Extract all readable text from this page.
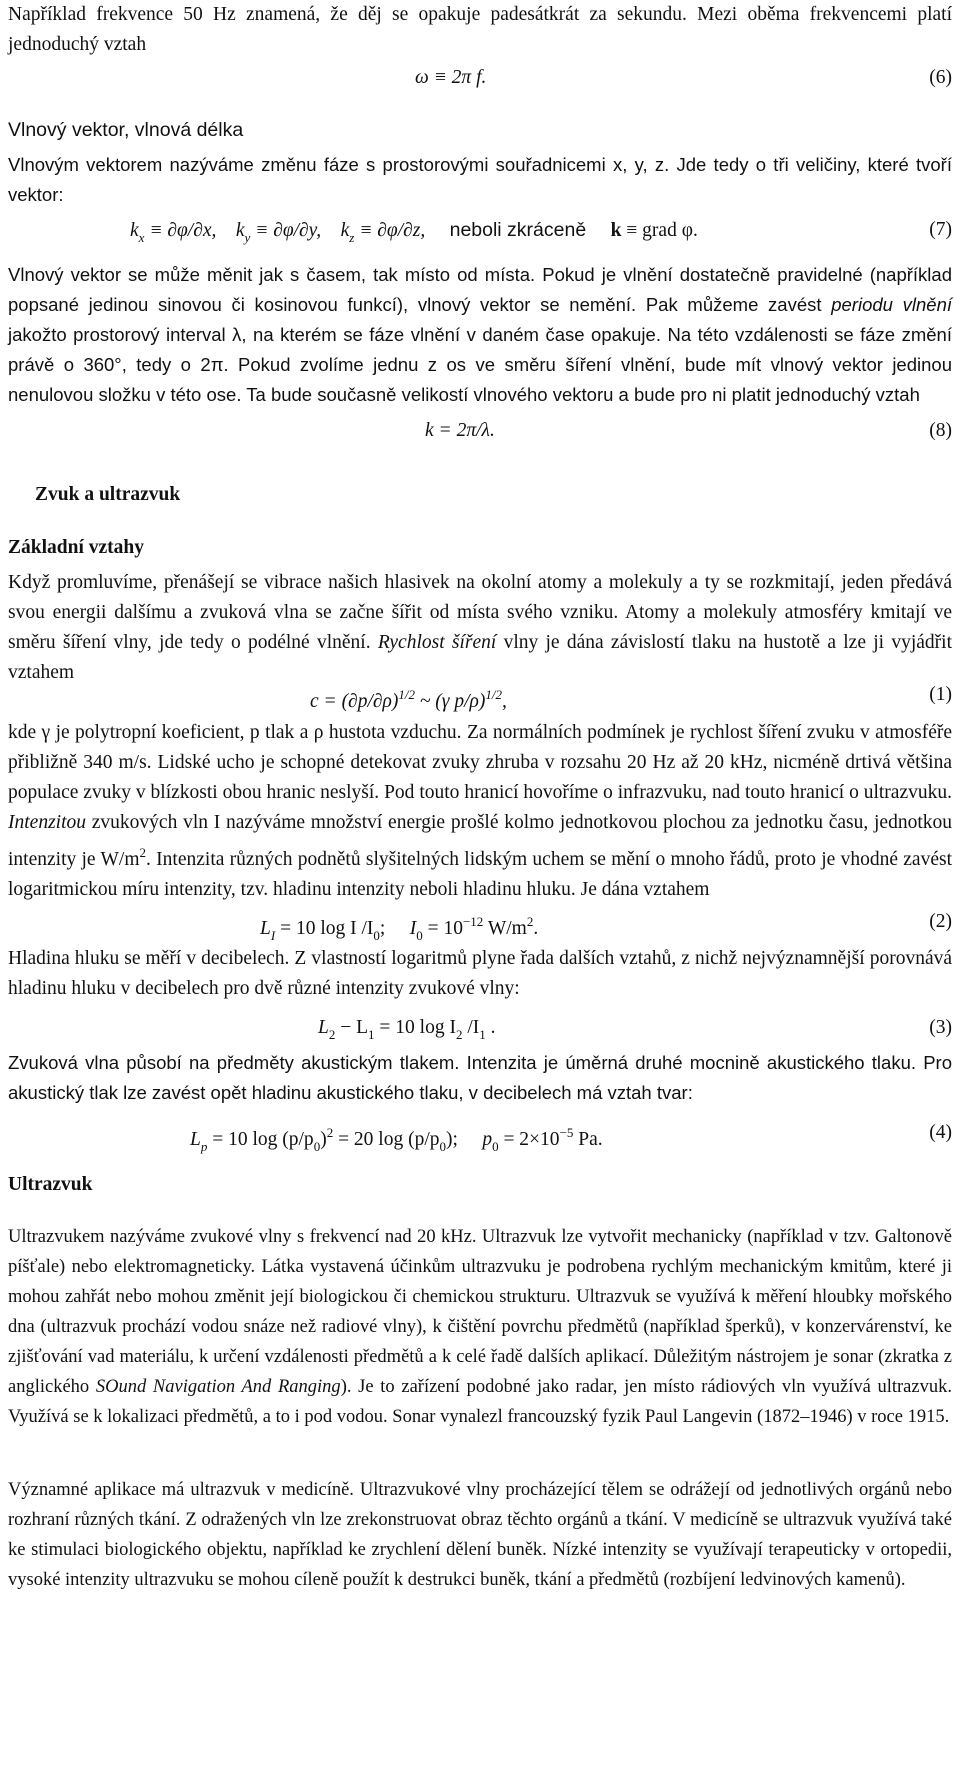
Například frekvence 50 Hz znamená, že děj se opakuje padesátkrát za sekundu. Mezi oběma frekvencemi platí jednoduchý vztah

ω ≡ 2π f.	(6)
Vlnový vektor, vlnová délka

Vlnovým vektorem nazýváme změnu fáze s prostorovými souřadnicemi x, y, z. Jde tedy o tři veličiny, které tvoří vektor:

$k_x \equiv \partial\varphi/\partial x$, $k_y \equiv \partial\varphi/\partial y$, $k_z \equiv \partial\varphi/\partial z$, neboli zkráceně k ≡ grad φ.	(7)

Vlnový vektor se může měnit jak s časem, tak místo od místa. Pokud je vlnění dostatečně pravidelné (například popsané jedinou sinovou či kosinovou funkcí), vlnový vektor se nemění. Pak můžeme zavést periodu vlnění jakožto prostorový interval λ, na kterém se fáze vlnění v daném čase opakuje. Na této vzdálenosti se fáze změní právě o 360°, tedy o 2π. Pokud zvolíme jednu z os ve směru šíření vlnění, bude mít vlnový vektor jedinou nenulovou složku v této ose. Ta bude současně velikostí vlnového vektoru a bude pro ni platit jednoduchý vztah

k = 2π/λ.	(8)
Zvuk a ultrazvuk
Základní vztahy

Když promluvíme, přenášejí se vibrace našich hlasivek na okolní atomy a molekuly a ty se rozkmitají, jeden předává svou energii dalšímu a zvuková vlna se začne šířit od místa svého vzniku. Atomy a molekuly atmosféry kmitají ve směru šíření vlny, jde tedy o podélné vlnění. Rychlost šíření vlny je dána závislostí tlaku na hustotě a lze ji vyjádřit vztahem

$c = (\partial p/\partial\rho)^{1/2}$ ~ (γ p/ρ)$^{1/2}$,	(1)

kde γ je polytropní koeficient, p tlak a ρ hustota vzduchu. Za normálních podmínek je rychlost šíření zvuku v atmosféře přibližně 340 m/s. Lidské ucho je schopné detekovat zvuky zhruba v rozsahu 20 Hz až 20 kHz, nicméně drtivá většina populace zvuky v blízkosti obou hranic neslyší. Pod touto hranicí hovoříme o infrazvuku, nad touto hranicí o ultrazvuku. Intenzitou zvukových vln I nazýváme množství energie prošlé kolmo jednotkovou plochou za jednotku času, jednotkou intenzity je $W/m^2$. Intenzita různých podnětů slyšitelných lidským uchem se mění o mnoho řádů, proto je vhodné zavést logaritmickou míru intenzity, tzv. hladinu intenzity neboli hladinu hluku. Je dána vztahem

$L_I = 10$ log I $/I_0$; $I_0 = 10^{-12}$ $W/m^2$.	(2)

Hladina hluku se měří v decibelech. Z vlastností logaritmů plyne řada dalších vztahů, z nichž nejvýznamnější porovnává hladinu hluku v decibelech pro dvě různé intenzity zvukové vlny:

$L_2 - L_1 = 10$ $\log I_2$ $/I_1$ .	(3)

Zvuková vlna působí na předměty akustickým tlakem. Intenzita je úměrná druhé mocnině akustického tlaku. Pro akustický tlak lze zavést opět hladinu akustického tlaku, v decibelech má vztah tvar:

$L_p = 10$ $\log (p/p_0)^2 = 20$ $\log (p/p_0)$; $p_0 = 2\times 10^{-5}$ Pa.	(4)
Ultrazvuk

Ultrazvukem nazýváme zvukové vlny s frekvencí nad 20 kHz. Ultrazvuk lze vytvořit mechanicky (například v tzv. Galtonově píšťale) nebo elektromagneticky. Látka vystavená účinkům ultrazvuku je podrobena rychlým mechanickým kmitům, které ji mohou zahřát nebo mohou změnit její biologickou či chemickou strukturu. Ultrazvuk se využívá k měření hloubky mořského dna (ultrazvuk prochází vodou snáze než radiové vlny), k čištění povrchu předmětů (například šperků), v konzervárenství, ke zjišťování vad materiálu, k určení vzdálenosti předmětů a k celé řadě dalších aplikací. Důležitým nástrojem je sonar (zkratka z anglického SOund Navigation And Ranging). Je to zařízení podobné jako radar, jen místo rádiových vln využívá ultrazvuk. Využívá se k lokalizaci předmětů, a to i pod vodou. Sonar vynalezl francouzský fyzik Paul Langevin (1872–1946) v roce 1915.

Významné aplikace má ultrazvuk v medicíně. Ultrazvukové vlny procházející tělem se odrážejí od jednotlivých orgánů nebo rozhraní různých tkání. Z odražených vln lze zrekonstruovat obraz těchto orgánů a tkání. V medicíně se ultrazvuk využívá také ke stimulaci biologického objektu, například ke zrychlení dělení buněk. Nízké intenzity se využívají terapeuticky v ortopedii, vysoké intenzity ultrazvuku se mohou cíleně použít k destrukci buněk, tkání a předmětů (rozbíjení ledvinových kamenů).
